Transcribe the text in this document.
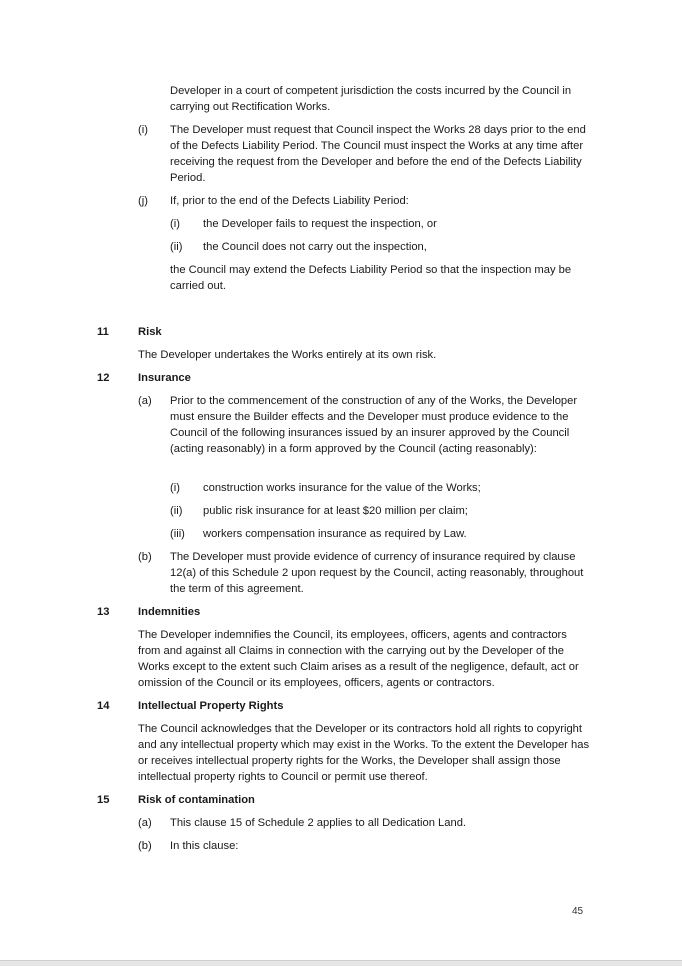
Developer in a court of competent jurisdiction the costs incurred by the Council in carrying out Rectification Works.

(i) The Developer must request that Council inspect the Works 28 days prior to the end of the Defects Liability Period. The Council must inspect the Works at any time after receiving the request from the Developer and before the end of the Defects Liability Period.

(j) If, prior to the end of the Defects Liability Period:

(i) the Developer fails to request the inspection, or

(ii) the Council does not carry out the inspection,

the Council may extend the Defects Liability Period so that the inspection may be carried out.

11	Risk

The Developer undertakes the Works entirely at its own risk.

12	Insurance
(a) Prior to the commencement of the construction of any of the Works, the Developer must ensure the Builder effects and the Developer must produce evidence to the Council of the following insurances issued by an insurer approved by the Council (acting reasonably) in a form approved by the Council (acting reasonably):

(i) construction works insurance for the value of the Works;

(ii) public risk insurance for at least $20 million per claim;

(iii) workers compensation insurance as required by Law.

(b) The Developer must provide evidence of currency of insurance required by clause 12(a) of this Schedule 2 upon request by the Council, acting reasonably, throughout the term of this agreement.

13	Indemnities

The Developer indemnifies the Council, its employees, officers, agents and contractors from and against all Claims in connection with the carrying out by the Developer of the Works except to the extent such Claim arises as a result of the negligence, default, act or omission of the Council or its employees, officers, agents or contractors.

14	Intellectual Property Rights

The Council acknowledges that the Developer or its contractors hold all rights to copyright and any intellectual property which may exist in the Works. To the extent the Developer has or receives intellectual property rights for the Works, the Developer shall assign those intellectual property rights to Council or permit use thereof.

15	Risk of contamination
(a) This clause 15 of Schedule 2 applies to all Dedication Land.

(b) In this clause:

45
